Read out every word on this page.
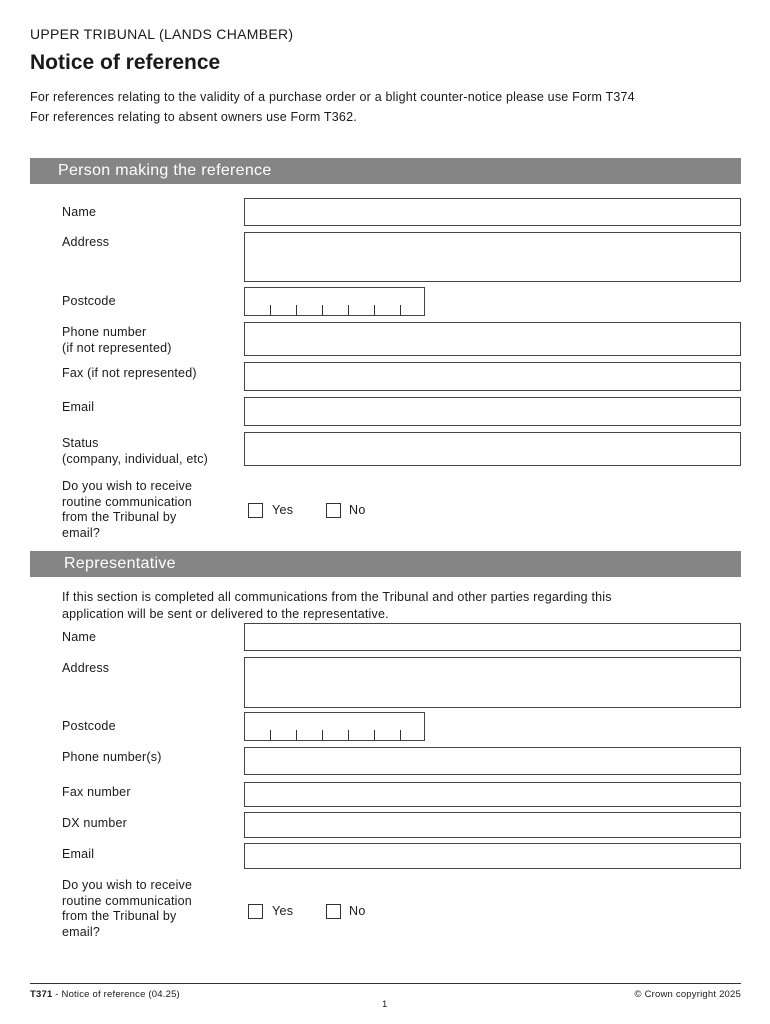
UPPER TRIBUNAL (LANDS CHAMBER)
Notice of reference
For references relating to the validity of a purchase order or a blight counter-notice please use Form T374
For references relating to absent owners use Form T362.
Person making the reference
Name
Address
Postcode
Phone number
(if not represented)
Fax (if not represented)
Email
Status
(company, individual, etc)
Do you wish to receive
routine communication
from the Tribunal by
email?
Yes	No
Representative
If this section is completed all communications from the Tribunal and other parties regarding this
application will be sent or delivered to the representative.
Name
Address
Postcode
Phone number(s)
Fax number
DX number
Email
Do you wish to receive
routine communication
from the Tribunal by
email?
Yes	No
T371 - Notice of reference (04.25)	© Crown copyright 2025
1
